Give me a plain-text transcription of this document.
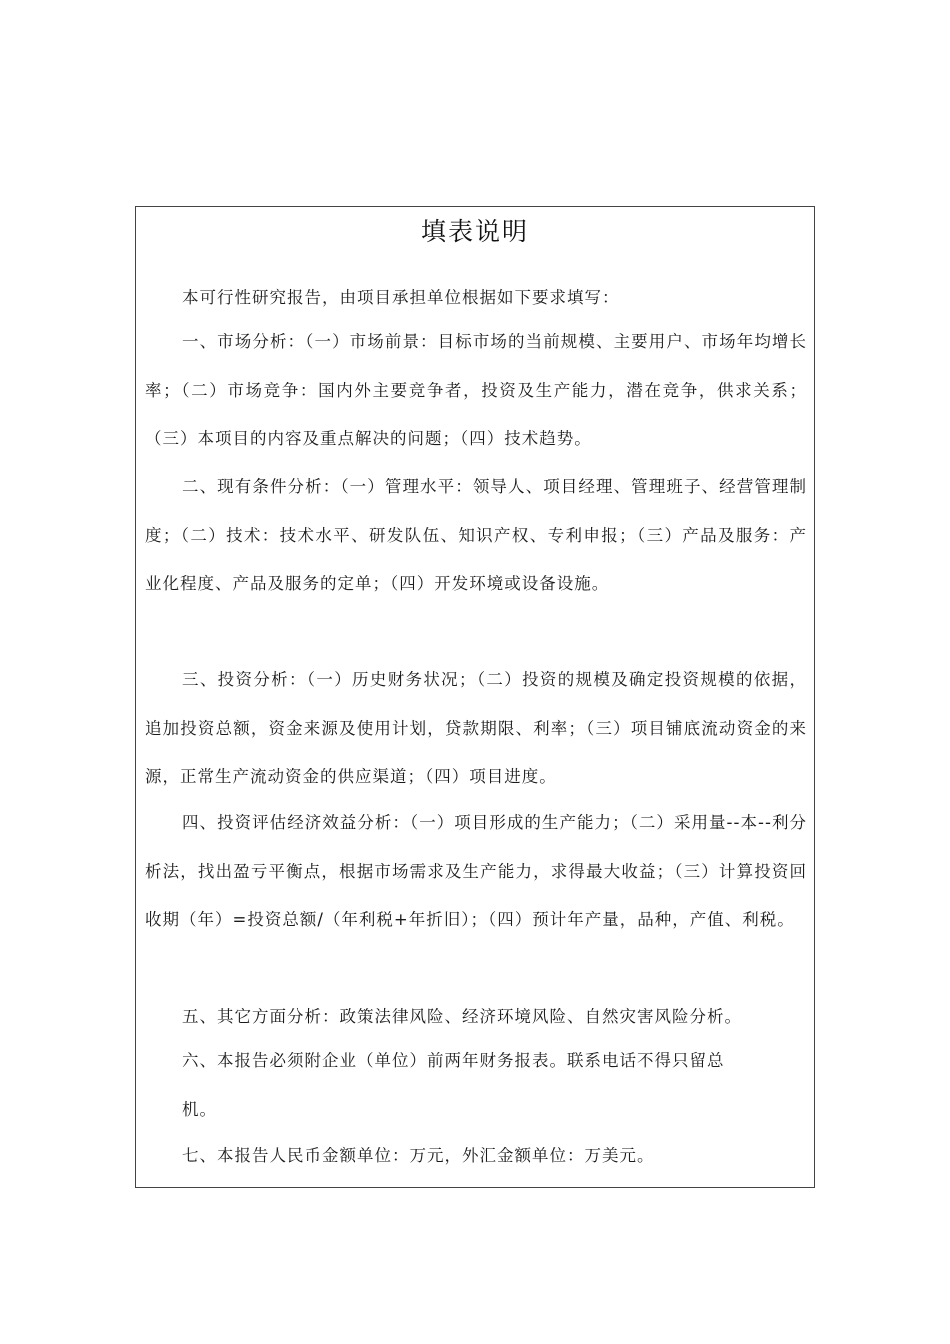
填表说明

本可行性研究报告，由项目承担单位根据如下要求填写：

一、市场分析：（一）市场前景：目标市场的当前规模、主要用户、市场年均增长率；（二）市场竞争：国内外主要竞争者，投资及生产能力，潜在竞争，供求关系；（三）本项目的内容及重点解决的问题；（四）技术趋势。

二、现有条件分析：（一）管理水平：领导人、项目经理、管理班子、经营管理制度；（二）技术：技术水平、研发队伍、知识产权、专利申报；（三）产品及服务：产业化程度、产品及服务的定单；（四）开发环境或设备设施。

三、投资分析：（一）历史财务状况；（二）投资的规模及确定投资规模的依据，追加投资总额，资金来源及使用计划，贷款期限、利率；（三）项目铺底流动资金的来源，正常生产流动资金的供应渠道；（四）项目进度。

四、投资评估经济效益分析：（一）项目形成的生产能力；（二）采用量--本--利分析法，找出盈亏平衡点，根据市场需求及生产能力，求得最大收益；（三）计算投资回收期（年）=投资总额/（年利税+年折旧）；（四）预计年产量，品种，产值、利税。

五、其它方面分析：政策法律风险、经济环境风险、自然灾害风险分析。

六、本报告必须附企业（单位）前两年财务报表。联系电话不得只留总
机。

七、本报告人民币金额单位：万元，外汇金额单位：万美元。
